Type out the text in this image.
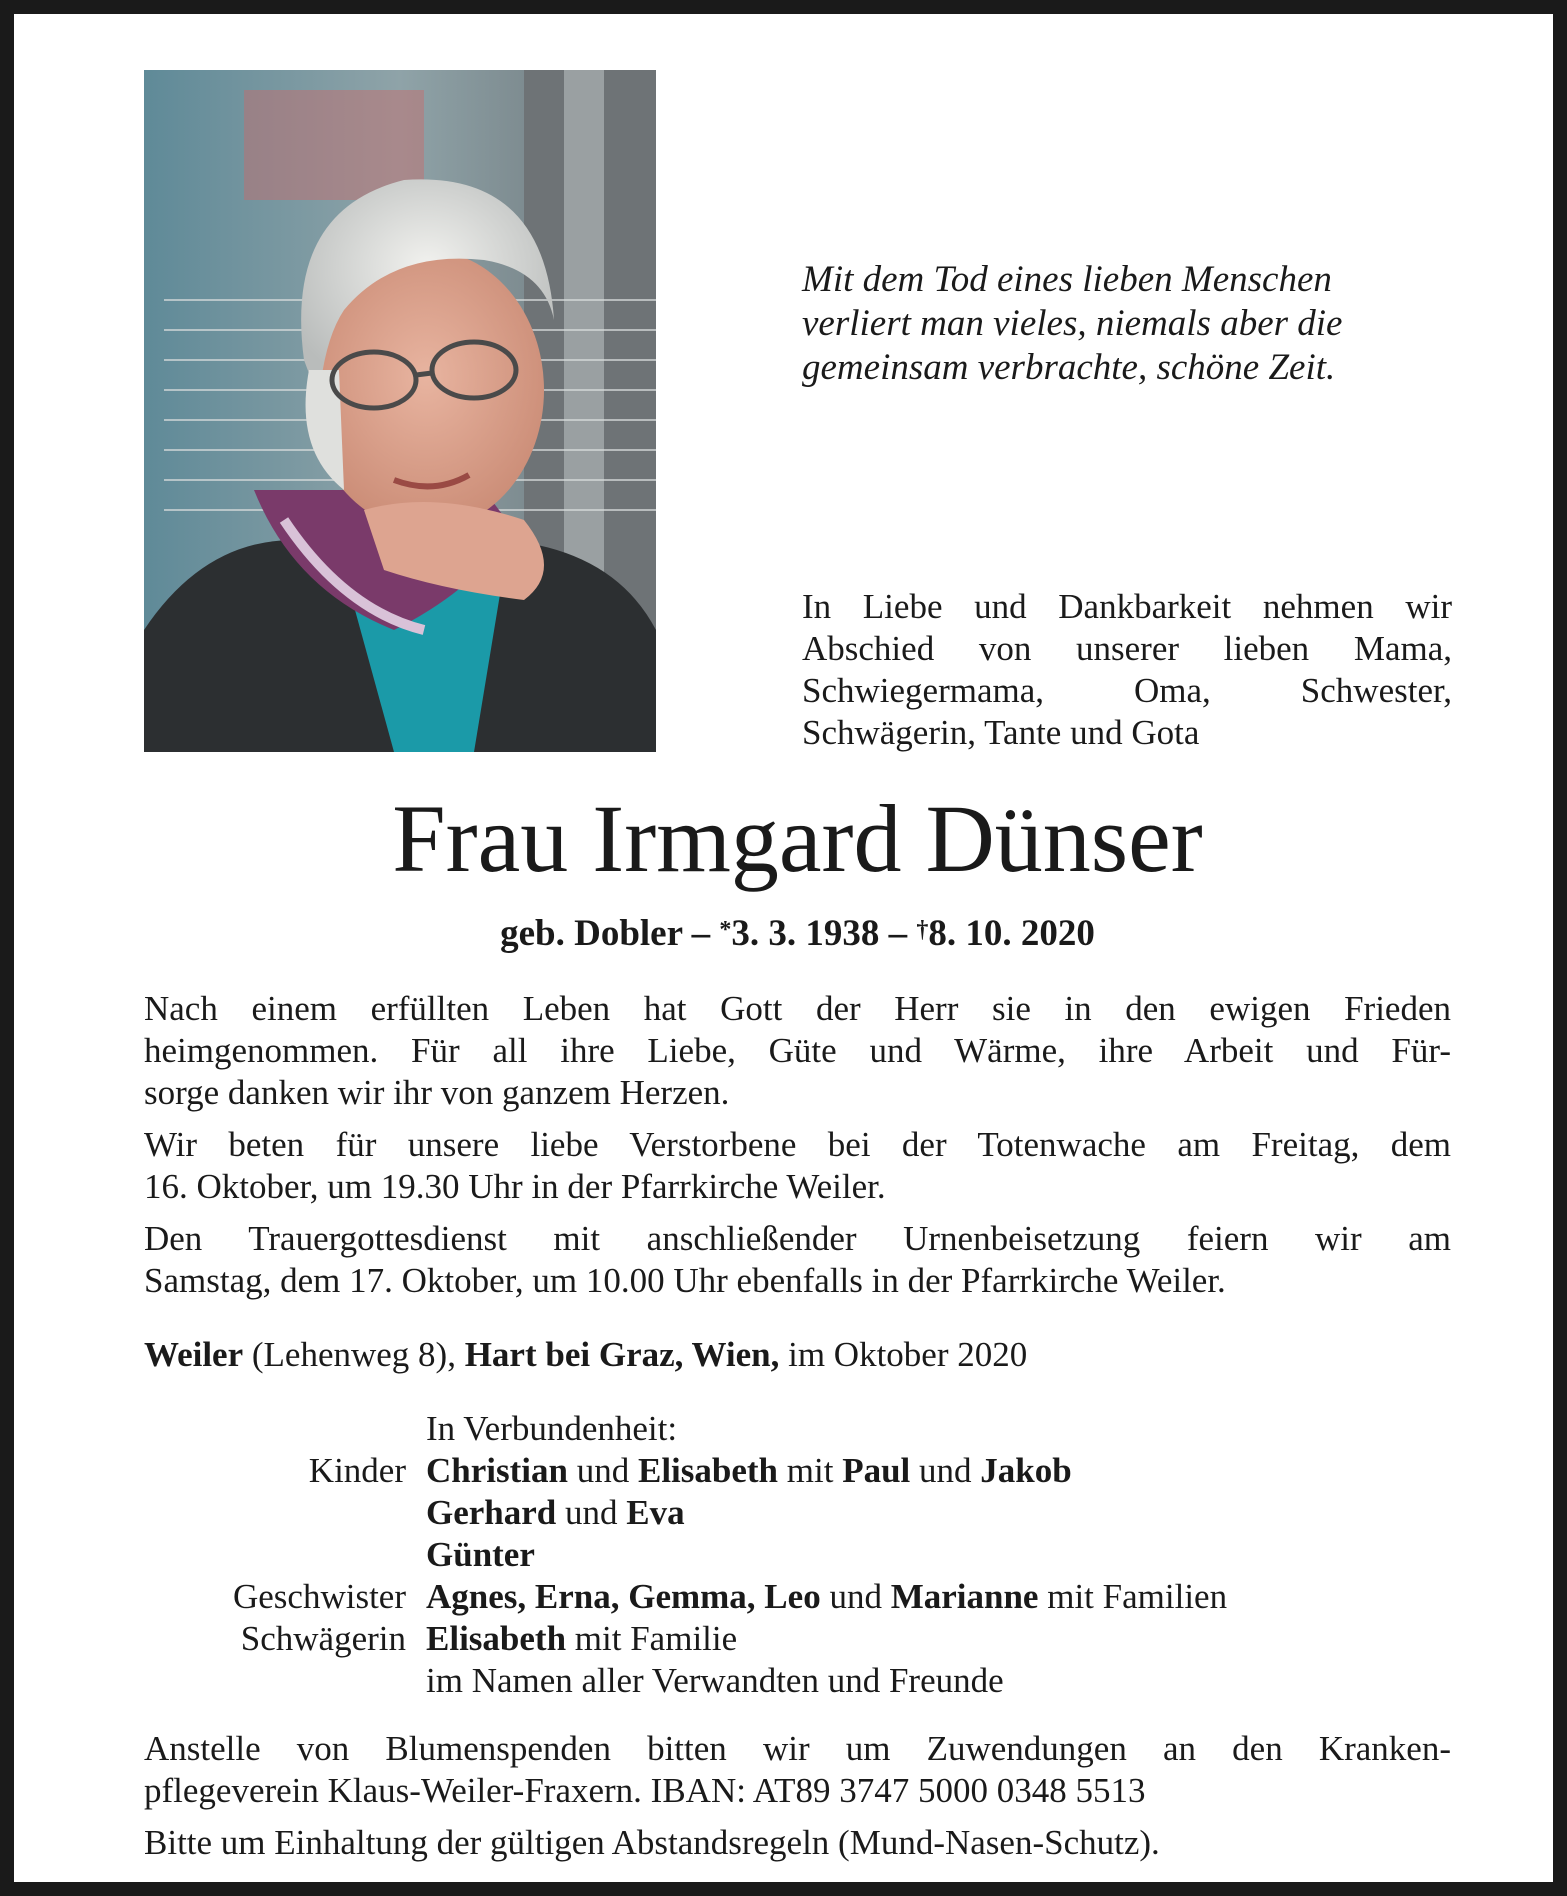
Mit dem Tod eines lieben Menschen
verliert man vieles, niemals aber die
gemeinsam verbrachte, schöne Zeit.
In Liebe und Dankbarkeit nehmen wir
Abschied von unserer lieben Mama,
Schwiegermama, Oma, Schwester,
Schwägerin, Tante und Gota
Frau Irmgard Dünser
geb. Dobler – *3. 3. 1938 – †8. 10. 2020
Nach einem erfüllten Leben hat Gott der Herr sie in den ewigen Frieden
heimgenommen. Für all ihre Liebe, Güte und Wärme, ihre Arbeit und Für-
sorge danken wir ihr von ganzem Herzen.
Wir beten für unsere liebe Verstorbene bei der Totenwache am Freitag, dem
16. Oktober, um 19.30 Uhr in der Pfarrkirche Weiler.
Den Trauergottesdienst mit anschließender Urnenbeisetzung feiern wir am
Samstag, dem 17. Oktober, um 10.00 Uhr ebenfalls in der Pfarrkirche Weiler.
Weiler (Lehenweg 8), Hart bei Graz, Wien, im Oktober 2020
In Verbundenheit:
Kinder Christian und Elisabeth mit Paul und Jakob
Gerhard und Eva
Günter
Geschwister Agnes, Erna, Gemma, Leo und Marianne mit Familien
Schwägerin Elisabeth mit Familie
im Namen aller Verwandten und Freunde
Anstelle von Blumenspenden bitten wir um Zuwendungen an den Kranken-
pflegeverein Klaus-Weiler-Fraxern. IBAN: AT89 3747 5000 0348 5513
Bitte um Einhaltung der gültigen Abstandsregeln (Mund-Nasen-Schutz).
